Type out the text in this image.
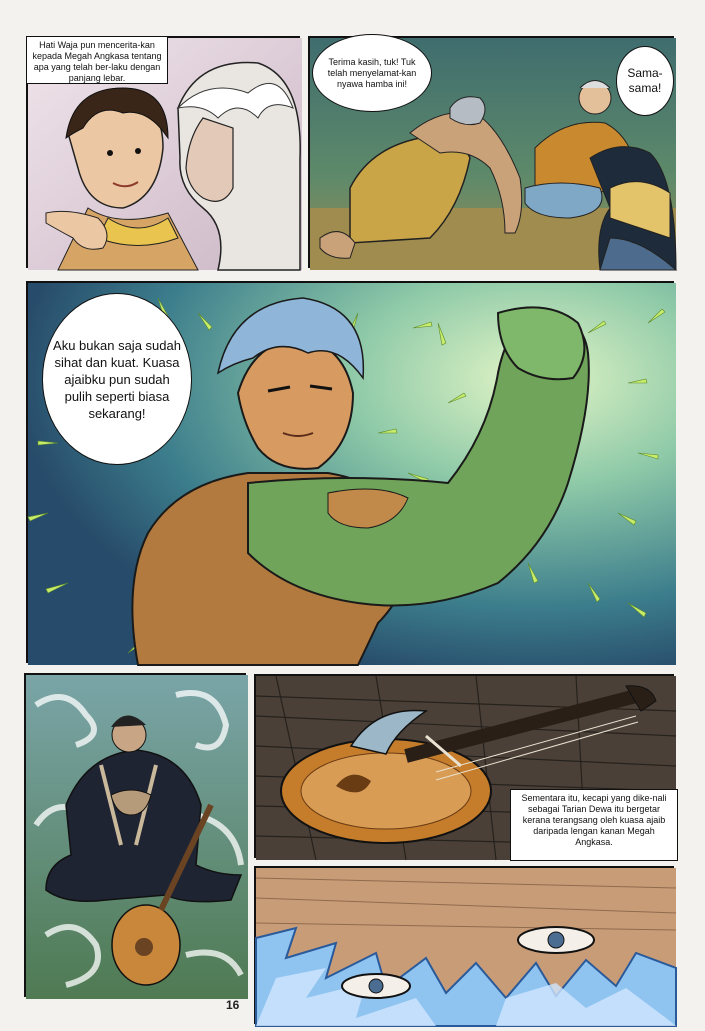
Hati Waja pun mencerita-kan kepada Megah Angkasa tentang apa yang telah ber-laku dengan panjang lebar.
Terima kasih, tuk! Tuk telah menyelamat-kan nyawa hamba ini!
Sama-sama!
Aku bukan saja sudah sihat dan kuat. Kuasa ajaibku pun sudah pulih seperti biasa sekarang!
16
Sementara itu, kecapi yang dike-nali sebagai Tarian Dewa itu bergetar kerana terangsang oleh kuasa ajaib daripada lengan kanan Megah Angkasa.
